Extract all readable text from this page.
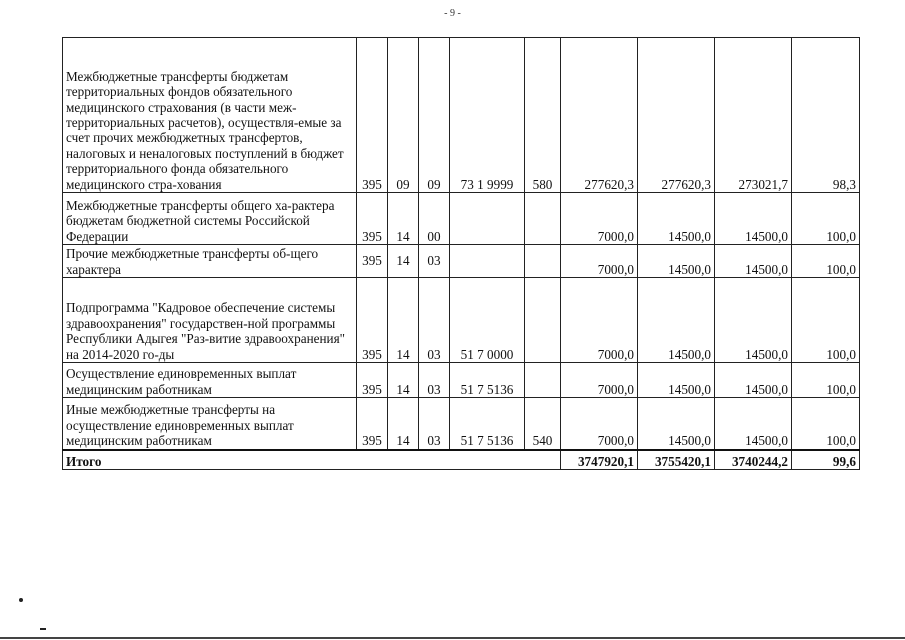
- 9 -
Межбюджетные трансферты бюджетам территориальных фондов обязательного медицинского страхования (в части меж-территориальных расчетов), осуществля-емые за счет прочих межбюджетных трансфертов, налоговых и неналоговых поступлений в бюджет территориального фонда обязательного медицинского стра-хования	395	09	09	73 1 9999	580	277620,3	277620,3	273021,7	98,3
Межбюджетные трансферты общего ха-рактера бюджетам бюджетной системы Российской Федерации	395	14	00			7000,0	14500,0	14500,0	100,0
Прочие межбюджетные трансферты об-щего характера	395	14	03			7000,0	14500,0	14500,0	100,0
Подпрограмма "Кадровое обеспечение системы здравоохранения" государствен-ной программы Республики Адыгея "Раз-витие здравоохранения" на 2014-2020 го-ды	395	14	03	51 7 0000		7000,0	14500,0	14500,0	100,0
Осуществление единовременных выплат медицинским работникам	395	14	03	51 7 5136		7000,0	14500,0	14500,0	100,0
Иные межбюджетные трансферты на осуществление единовременных выплат медицинским работникам	395	14	03	51 7 5136	540	7000,0	14500,0	14500,0	100,0
Итого						3747920,1	3755420,1	3740244,2	99,6
